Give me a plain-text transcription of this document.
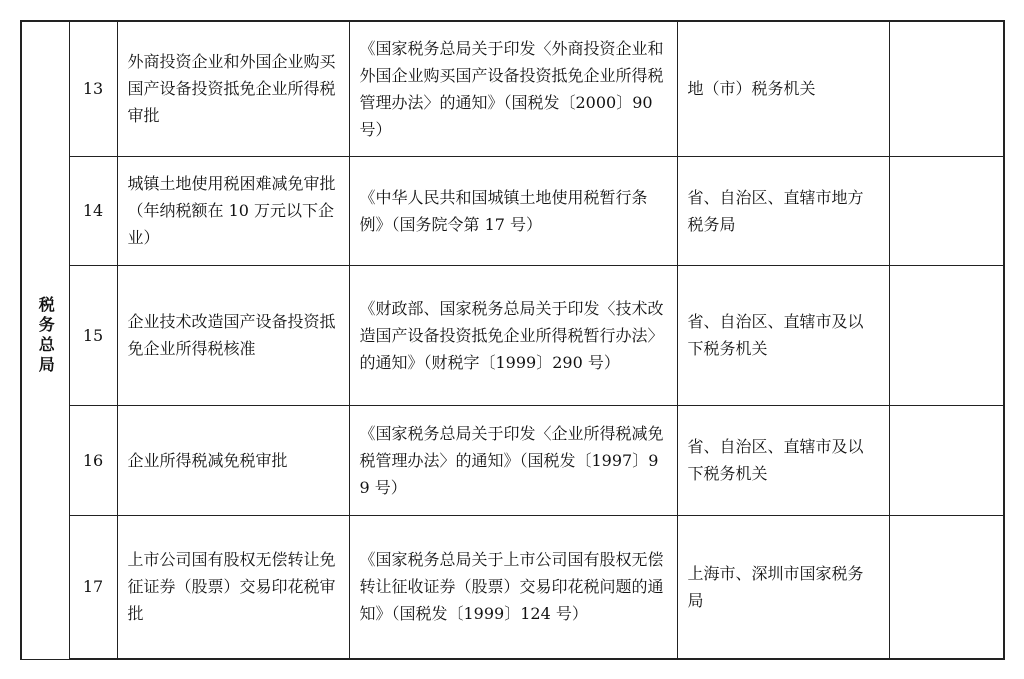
税务总局	13	外商投资企业和外国企业购买国产设备投资抵免企业所得税审批	《国家税务总局关于印发〈外商投资企业和外国企业购买国产设备投资抵免企业所得税管理办法〉的通知》（国税发〔2000〕90 号）	地（市）税务机关	
	14	城镇土地使用税困难减免审批（年纳税额在 10 万元以下企业）	《中华人民共和国城镇土地使用税暂行条例》（国务院令第 17 号）	省、自治区、直辖市地方税务局	
	15	企业技术改造国产设备投资抵免企业所得税核准	《财政部、国家税务总局关于印发〈技术改造国产设备投资抵免企业所得税暂行办法〉的通知》（财税字〔1999〕290 号）	省、自治区、直辖市及以下税务机关	
	16	企业所得税减免税审批	《国家税务总局关于印发〈企业所得税减免税管理办法〉的通知》（国税发〔1997〕99 号）	省、自治区、直辖市及以下税务机关	
	17	上市公司国有股权无偿转让免征证券（股票）交易印花税审批	《国家税务总局关于上市公司国有股权无偿转让征收证券（股票）交易印花税问题的通知》（国税发〔1999〕124 号）	上海市、深圳市国家税务局	
